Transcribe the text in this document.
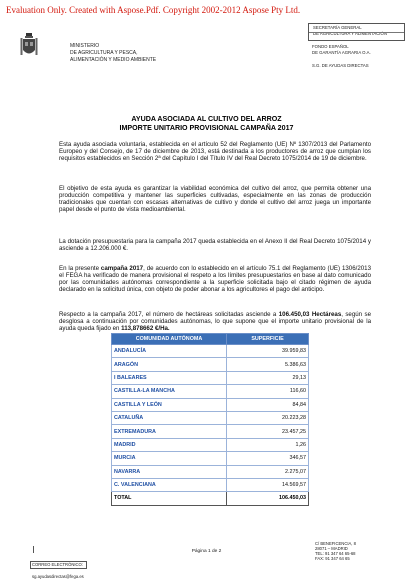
Evaluation Only. Created with Aspose.Pdf. Copyright 2002-2012 Aspose Pty Ltd.
MINISTERIO
DE AGRICULTURA Y PESCA,
ALIMENTACIÓN Y MEDIO AMBIENTE
SECRETARÍA GENERAL
DE AGRICULTURA Y ALIMENTACIÓN
FONDO ESPAÑOL
DE GARANTÍA AGRARIA O.A.
S.G. DE AYUDAS DIRECTAS
AYUDA ASOCIADA AL CULTIVO DEL ARROZ
IMPORTE UNITARIO PROVISIONAL CAMPAÑA 2017
Esta ayuda asociada voluntaria, establecida en el artículo 52 del Reglamento (UE) Nº 1307/2013 del Parlamento Europeo y del Consejo, de 17 de diciembre de 2013, está destinada a los productores de arroz que cumplan los requisitos establecidos en Sección 2ª del Capítulo I del Título IV del Real Decreto 1075/2014 de 19 de diciembre.
El objetivo de esta ayuda es garantizar la viabilidad económica del cultivo del arroz, que permita obtener una producción competitiva y mantener las superficies cultivadas, especialmente en las zonas de producción tradicionales que cuentan con escasas alternativas de cultivo y donde el cultivo del arroz juega un importante papel desde el punto de vista medioambiental.
La dotación presupuestaria para la campaña 2017 queda establecida en el Anexo II del Real Decreto 1075/2014 y asciende a 12.206.000 €.
En la presente campaña 2017, de acuerdo con lo establecido en el artículo 75.1 del Reglamento (UE) 1306/2013 el FEGA ha verificado de manera provisional el respeto a los límites presupuestarios en base al dato comunicado por las comunidades autónomas correspondiente a la superficie solicitada bajo el citado régimen de ayuda declarado en la solicitud única, con objeto de poder abonar a los agricultores el pago del anticipo.
Respecto a la campaña 2017, el número de hectáreas solicitadas asciende a 106.450,03 Hectáreas, según se desglosa a continuación por comunidades autónomas, lo que supone que el importe unitario provisional de la ayuda queda fijado en 113,878662 €/Ha.
COMUNIDAD AUTÓNOMA	SUPERFICIE
ANDALUCÍA	39.959,83
ARAGÓN	5.386,63
I BALEARES	29,13
CASTILLA-LA MANCHA	116,60
CASTILLA Y LEÓN	84,84
CATALUÑA	20.223,28
EXTREMADURA	23.457,25
MADRID	1,26
MURCIA	346,57
NAVARRA	2.275,07
C. VALENCIANA	14.569,57
TOTAL	106.450,03
Página 1 de 2
C/ BENEFICENCIA, 8
28071 – MADRID
TEL: 91 347 64 65-68
FAX: 91 347 64 65
CORREO ELECTRÓNICO:
sg.ayudasdirectas@fega.es
